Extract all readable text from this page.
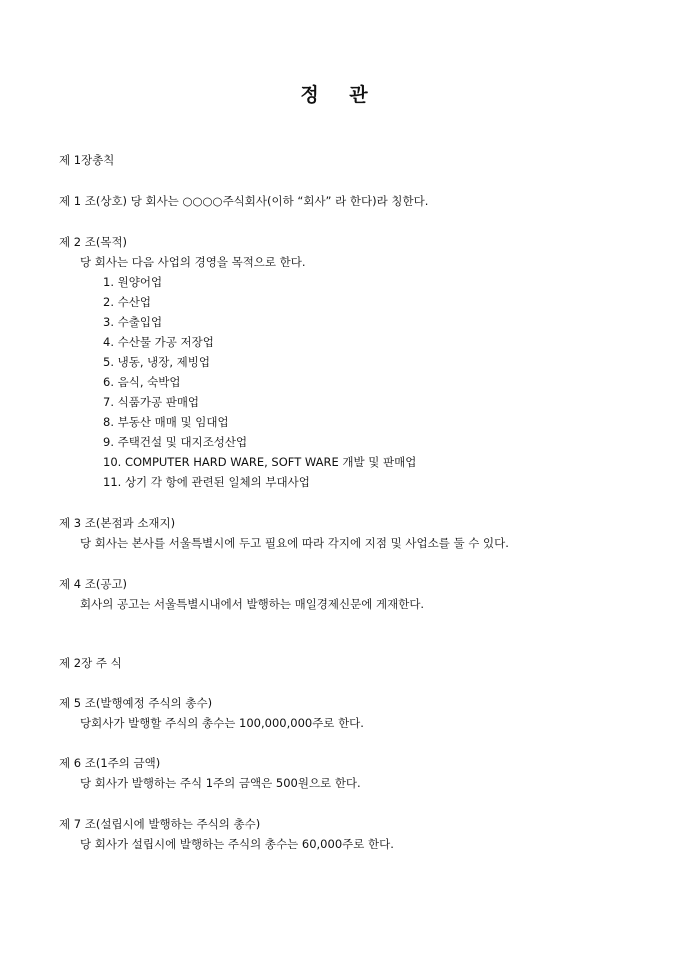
정 관
제 1장총칙
제 1 조(상호) 당 회사는 ○○○○주식회사(이하 “회사” 라 한다)라 칭한다.
제 2 조(목적)
당 회사는 다음 사업의 경영을 목적으로 한다.
1. 원양어업
2. 수산업
3. 수출입업
4. 수산물 가공 저장업
5. 냉동, 냉장, 제빙업
6. 음식, 숙박업
7. 식품가공 판매업
8. 부동산 매매 및 임대업
9. 주택건설 및 대지조성산업
10. COMPUTER HARD WARE, SOFT WARE 개발 및 판매업
11. 상기 각 항에 관련된 일체의 부대사업
제 3 조(본점과 소재지)
당 회사는 본사를 서울특별시에 두고 필요에 따라 각지에 지점 및 사업소를 둘 수 있다.
제 4 조(공고)
회사의 공고는 서울특별시내에서 발행하는 매일경제신문에 게재한다.
제 2장 주 식
제 5 조(발행예정 주식의 총수)
당회사가 발행할 주식의 총수는 100,000,000주로 한다.
제 6 조(1주의 금액)
당 회사가 발행하는 주식 1주의 금액은 500원으로 한다.
제 7 조(설립시에 발행하는 주식의 총수)
당 회사가 설립시에 발행하는 주식의 총수는 60,000주로 한다.
